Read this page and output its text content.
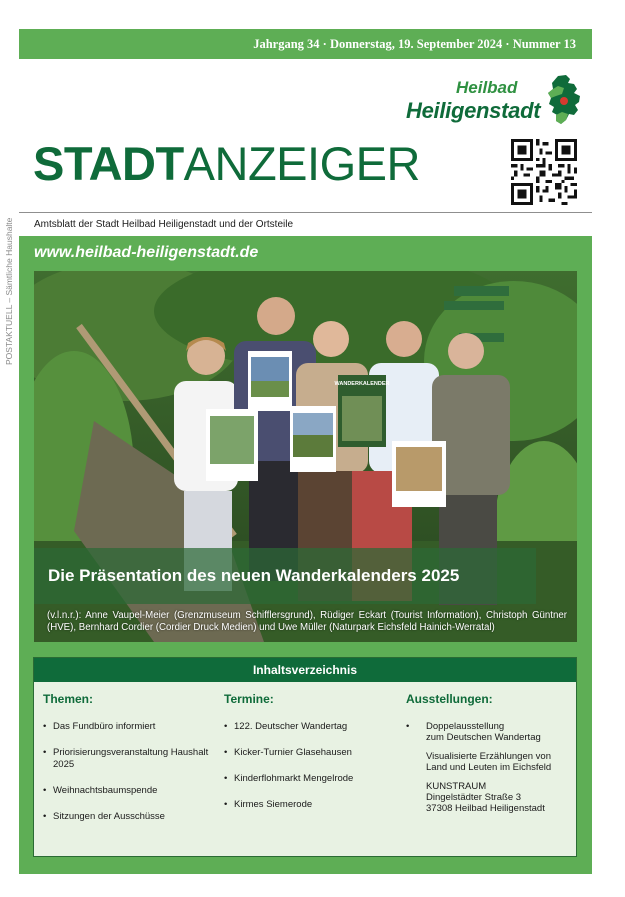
POSTAKTUELL – Sämtliche Haushalte
Jahrgang 34 · Donnerstag, 19. September 2024 · Nummer 13
Heilbad
Heiligenstadt
STADTANZEIGER
Amtsblatt der Stadt Heilbad Heiligenstadt und der Ortsteile
www.heilbad-heiligenstadt.de
WANDERKALENDER
Die Präsentation des neuen Wanderkalenders 2025
(v.l.n.r.): Anne Vaupel-Meier (Grenzmuseum Schifflersgrund), Rüdiger Eckart (Tourist Information), Christoph Güntner (HVE), Bernhard Cordier (Cordier Druck Medien) und Uwe Müller (Naturpark Eichsfeld Hainich-Werratal)
Inhaltsverzeichnis
Themen:
• Das Fundbüro informiert
• Priorisierungsveranstaltung Haushalt 2025
• Weihnachtsbaumspende
• Sitzungen der Ausschüsse
Termine:
• 122. Deutscher Wandertag
• Kicker-Turnier Glasehausen
• Kinderflohmarkt Mengelrode
• Kirmes Siemerode
Ausstellungen:
• Doppelausstellung
zum Deutschen Wandertag
Visualisierte Erzählungen von
Land und Leuten im Eichsfeld
KUNSTRAUM
Dingelstädter Straße 3
37308 Heilbad Heiligenstadt
